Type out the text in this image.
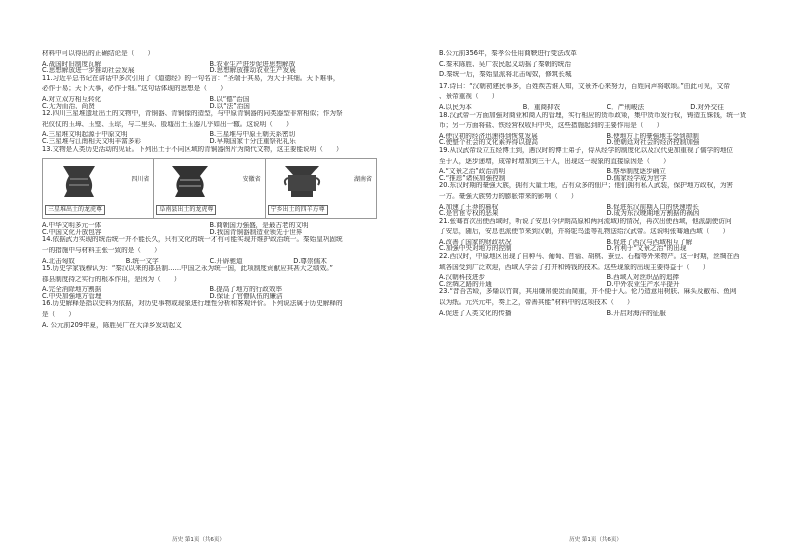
材料中可以得出的正确结论是（　　）
A.战国时旧制度瓦解	B.农业生产进步促进思想解放
C.思想解放进一步推动社会发展	D.思想解放推动农业生产发展
11.习近平总书记在讲话中多次引用了《道德经》的一句名言：“圣端于其易，为大于其细。天下难事，
必作于易；天下大事，必作于细。”这句话体现的思想是（　　）
A.对立双方相互转化	B.以“德”治国
C.无为而治，尚贤	D.以“法”治国
12.四川三星堆遗址出土的文物中，青铜器、青铜像的造型，与中原青铜器的同类器型非常相似；作为祭
祀仪仗的玉璋、玉璧、玉琮，与二里头、殷墟出土玉器几乎如出一辙。这说明（　　）
A.三星堆文明起源于中原文明	B.三星堆与中原王朝关系密切
C.三星堆与江南相关文明丰富多彩	D.早期国家十分注重祭祀礼乐
13.文物是人类历史活动的见证。下列出土于不同区域的青铜器图片为商代文物，这主要能说明（　　）
四川省
三星堆出土的龙虎尊
安徽省
阜南县出土的龙虎尊
湖南省
宁乡出土的四羊方尊
A.中华文明多元一体	B.商朝国力强盛，是最古老的文明
C.中国文化开放包容	D.我国青铜器制造业领先于世界
14.依据武力实现的统治统一并不能长久，只有文化的统一才有可能实现并维护政治统一。秦始皇巩固统
一的措施中与材料主张一致的是（　　）
A.北击匈奴	B.统一文字	C.开辟驰道	D.尊崇儒术
15.历史学家钱穆认为：“秦汉以来的郡县制……中国之永为统一国，此项制度贡献应其甚大之绩效。”
郡县制度持之实行的根本作用，是因为（　　）
A.完全消除地方割据	B.提高了地方的行政效率
C.中央加强地方管理	D.保证了官僚队伍的廉洁
16.历史解释是指以史料为依据，对历史事物或现象进行理性分析和客观评价。下列说法属于历史解释的
是（　　）
A. 公元前209年夏，陈胜吴广在大泽乡发动起义
历史 第1页（共6页）
B.公元前356年，秦孝公任用商鞅进行变法改革
C.秦末陈胜、吴广农民起义动摇了秦朝的统治
D.秦统一后，秦始皇派将北击匈奴，修筑长城
17.诗曰：“汉朝初建民事多，百姓疾苦谁人知，文景齐心来努力，百姓同声将歌颂。”由此可见，文帝
、景帝重视（　　）
A.以民为本	B．重商抑农	C．严刑峻法	D.对外交往
18.汉武帝一方面加强对商业和商人的管理，实行相应的货币政策，集中货币发行权，铸造五铢钱，统一货
币；另一方面将盐、铁经营权收归中央，这些措施起到的主要作用是（　　）
A.使汉初的经济迅速得到恢复发展	B.使地方上的豪强地主受到抑制
C.使整个社会的文化素养得以提高	D.使朝廷对社会的经济控制加强
19.从汉武帝设立五经博士到，遇汉时的博士弟子，侍从经学的制度化以及汉代更加重视了儒学的地位
至于人，逐步递增，成帝时增加到三千人，出现这一现象的直接原因是（　　）
A.“文景之治”政治清明	B.察举制度逐步确立
C.“推恩”诸侯加强控制	D.儒家经学成为官学
20.东汉时期的豪强大族，拥有大量土地，占有众多的佃户；他们拥有私人武装，保护地方政权，为害
一方。豪强大族势力的膨胀带来的影响（　　）
A.加速了王莽的篡权	B.促进东汉前期人口的快速增长
C.是官宦专权的恶果	D.成为东汉晚期地方割据的祸因
21.张骞首次出使西域时，听说了安息(今伊朗高原和两河流域)的情况，再次出使西域，他派副使访问
了安息，随后，安息也派使节来到汉朝，并将鸵鸟蛋等礼物送给汉武帝。这说明张骞通西域（　　）
A.改善了国家的财政状况	B.促进了西汉与西域相互了解
C.加强中央对地方的控制	D.有利于“文景之治”的出现
22.西汉时，中原地区出现了自种马、葡萄、苜蓿、胡桃、蚕豆、石榴等外来物产。这一时期，丝绸在西
域各国受到广泛欢迎，西域人学会了打井和铸钱的技术。这些现象的出现主要得益于（　　）
A.汉朝科技进步	B.西域人对丝织品的追捧
C.丝绸之路的开通	D.中外农业生产水平提升
23.“昔吾苦殴，多燔以竹简，其用缣帛便贵而简重，并不便于人。伦乃造意用树肤、麻头及敝布、鱼网
以为纸。元兴元年，奏上之，帝善其能”材料中的这项技术（　　）
A.促进了人类文化的传播	B.开启对海洋的征服
历史 第1页（共6页）
